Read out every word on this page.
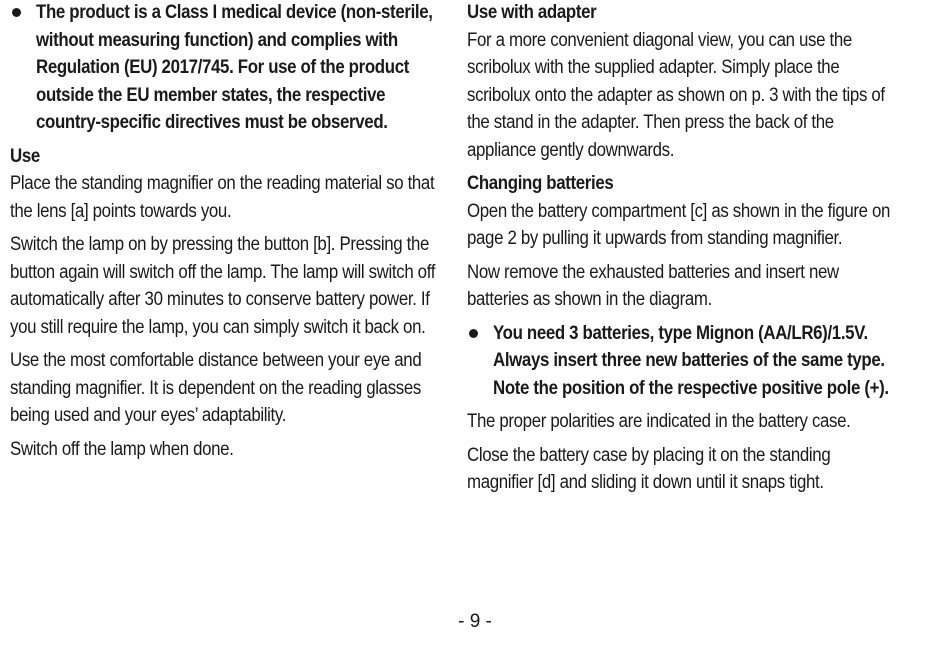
The product is a Class I medical device (non-sterile, without measuring function) and complies with Regulation (EU) 2017/745. For use of the product outside the EU member states, the respective country-specific directives must be observed.
Use

Place the standing magnifier on the reading material so that the lens [a] points towards you.

Switch the lamp on by pressing the button [b]. Pressing the button again will switch off the lamp. The lamp will switch off automatically after 30 minutes to conserve battery power. If you still require the lamp, you can simply switch it back on.

Use the most comfortable distance between your eye and standing magnifier. It is dependent on the reading glasses being used and your eyes’ adaptability.

Switch off the lamp when done.

Use with adapter

For a more convenient diagonal view, you can use the scribolux with the supplied adapter. Simply place the scribolux onto the adapter as shown on p. 3 with the tips of the stand in the adapter. Then press the back of the appliance gently downwards.

Changing batteries

Open the battery compartment [c] as shown in the figure on page 2 by pulling it upwards from standing magnifier.

Now remove the exhausted batteries and insert new batteries as shown in the diagram.

You need 3 batteries, type Mignon (AA/LR6)/1.5V. Always insert three new batteries of the same type. Note the position of the respective positive pole (+).

The proper polarities are indicated in the battery case.

Close the battery case by placing it on the standing magnifier [d] and sliding it down until it snaps tight.

- 9 -
